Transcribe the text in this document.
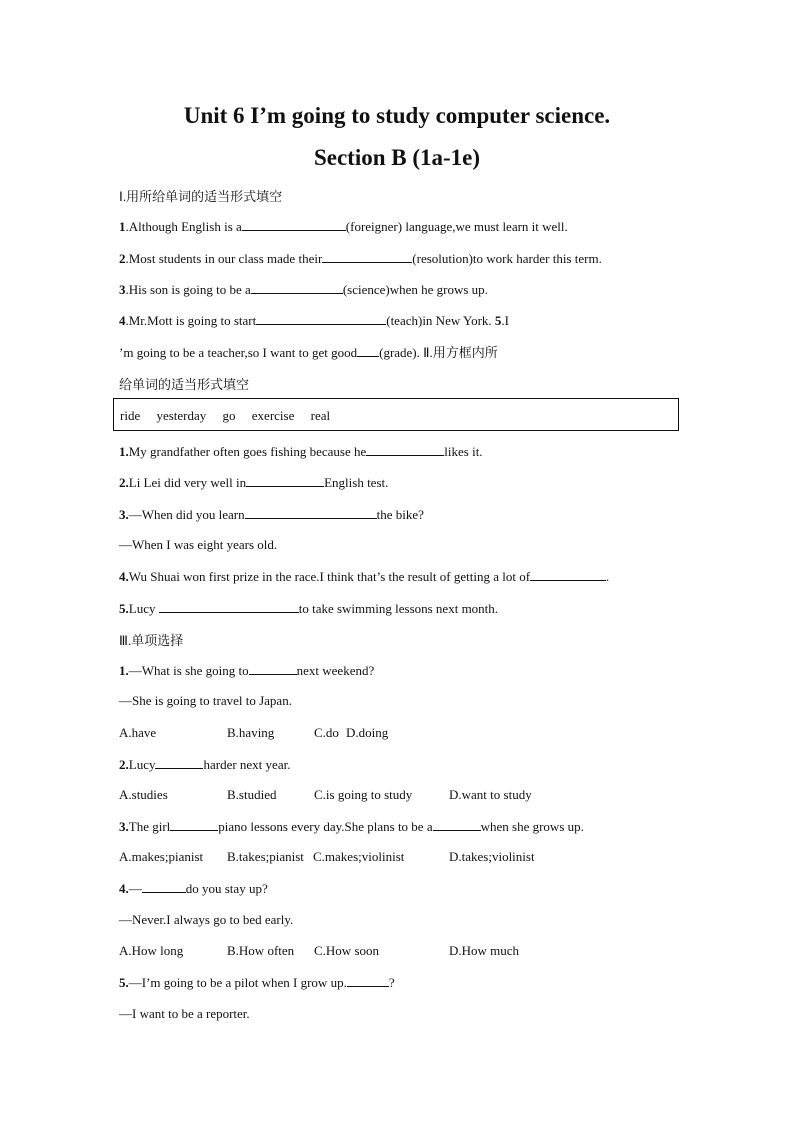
Unit 6 I’m going to study computer science.
Section B (1a-1e)
Ⅰ.用所给单词的适当形式填空
1.Although English is a	(foreigner) language,we must learn it well.
2.Most students in our class made their	(resolution)to work harder this term.
3.His son is going to be a	(science)when he grows up.
4.Mr.Mott is going to start	(teach)in New York. 5.I
’m going to be a teacher,so I want to get good (grade). Ⅱ.用方框内所
给单词的适当形式填空
ride yesterday go exercise real
1.My grandfather often goes fishing because he	likes it.
2.Li Lei did very well in	English test.
3.—When did you learn	the bike?
—When I was eight years old.
4.Wu Shuai won first prize in the race.I think that’s the result of getting a lot of	.
5.Lucy	to take swimming lessons next month.
Ⅲ.单项选择
1.—What is she going to	next weekend?
—She is going to travel to Japan.
A.have	B.having	C.do D.doing
2.Lucy	harder next year.
A.studies	B.studied	C.is going to study	D.want to study
3.The girl	piano lessons every day.She plans to be a	when she grows up.
A.makes;pianist B.takes;pianist C.makes;violinist	D.takes;violinist
4.—	do you stay up?
—Never.I always go to bed early.
A.How long	B.How often C.How soon	D.How much
5.—I’m going to be a pilot when I grow up.	?
—I want to be a reporter.
